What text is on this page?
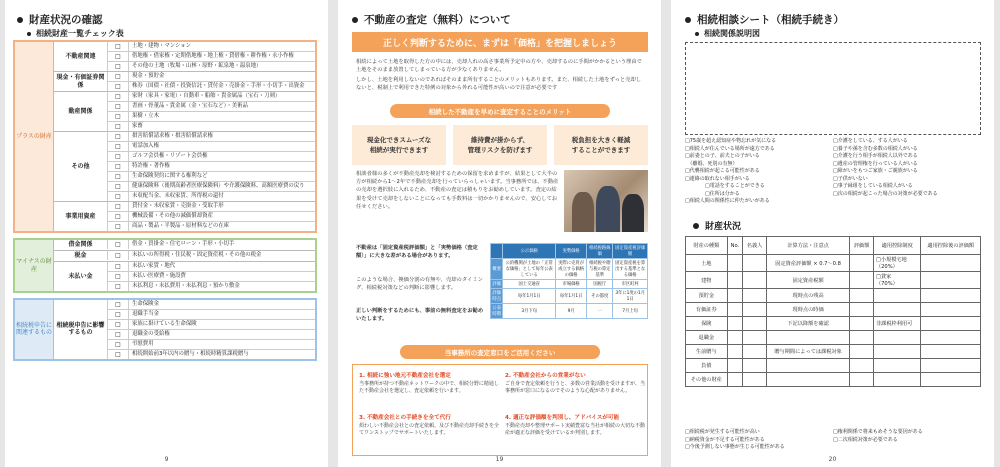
財産状況の確認
相続財産一覧チェック表
プラスの財産
不動産関連
□	土地・建物・マンション
□	借地権・借家権・定期借地権・地上権・貸借権・耕作権・永小作権
□	その他の土地（牧場・山林・原野・鉱泉地・温泉地）
現金・有価証券関係
□	現金・預貯金
□	株券（国債・社債・投資信託・貸付金・売掛金・手形・小切手・出資金
動産関係
□	家財（家具・家電）・自動車・船舶・貴金属品（宝石・刀剣）
□	書画・骨董品・貴金属（金・宝石など）・美術品
□	果樹・立木
□	家畜
その他
□	損害賠償請求権・損害賠償請求権
□	電話加入権
□	ゴルフ会員権・リゾート会員権
□	特許権・著作権
□	生命保険契約に関する権利など
□	健康保険料（後期高齢者医療保険料）や介護保険料、高額医療費の戻り
□	未収配当金、未収家賃、所得税の還付
事業用資産
□	貸付金・未収家賃・売掛金・受取手形
□	機械設備・その他の減価償却資産
□	商品・製品・半製品・原材料などの在庫
マイナスの財産
借金関係	□	借金・買掛金・住宅ローン・手形・小切手
税金	□	未払いの所得税・住民税・固定資産税・その他の税金
未払い金
□	未払い家賃・地代
□	未払い医療費・施設費
□	未払利息・未払費用・未払利息・預かり敷金
相続税申告に関連するもの
相続税申告に影響するもの
□	生命保険金
□	退職手当金
□	家族に掛けている生命保険
□	退職金の受給権
□	弔慰費用
□	相続開始前3年以内の贈与・相続時精算課税贈与
9
不動産の査定（無料）について
正しく判断するために、まずは「価格」を把握しましょう
相続によって土地を取得した方の中には、売却人れの高さ事業所予定中の方や、売却するのに手間がかかるという理由で土地をそのまま放置してしまっている方が少なくありません。
しかし、土地を利用しないのであればそのまま所有することのメリットもあります。また、相続した土地をずっと売却しないと、税制上で利用できた特例の対象から外れる可能性が高いので注意が必要です
相続した不動産を早めに査定することのメリット
現金化できスムーズな
相続が実行できます
維持費が掛からず、
管理リスクを防げます
税負担を大きく軽減
することができます
相談者様の多くが不動産売却を検討するための保留を求めますが、結果として大半の方が相続から1～2年で不動産売却を行っていらっしゃいます。当事務所では、不動産の売却を選択肢に入れるため、不動産の査定は積もりをお勧めしています。査定の結果を受けて売却をしないことになっても手数料は一切かかりませんので、安心してお任せください。
不動産は「固定資産税評価額」と「実勢価格（査定額）」に大きな差がある場合があります。
このような場合、換価分割の有無や、売却のタイミング、相続税対策などの判断に影響します。
正しい判断をするためにも、事前の無料査定をお勧めいたします。
	公示価格	実勢価格	相続税路線価	固定資産税評価額
概要	公的機関が土地の「正常な価格」として毎年公表している	実際に売買が成立する価格の価格	相続税や贈与税の算定基準	固定資産税を算出する基準となる価格
評価	国土交通省	市場価格	国税庁	市区町村
評価時点	毎年1月1日	毎年1月1日	その都度	3年に1度の1月1日
公表時期	3月下旬	9月	一	7月上旬
当事務所の査定窓口をご活用ください
1. 相続に強い地元不動産会社を選定
当事務所が持つ不動産ネットワークの中で、相続分野に精通した不動産会社を選定し、査定依頼を行います。
2. 不動産会社からの営業がない
ご自身で査定依頼を行うと、多数の営業活動を受けますが、当事務所が窓口になるのでそのような心配がありません。
3. 不動産会社との手続きを全て代行
煩わしい不動産会社との査定依頼。及び不動産売却手続きを全てワンストップでサポートいたします。
4. 適正な評価額を判別し、アドバイスが可能
不動産売却や整理サポート実績豊富な当社が相続の大切な不動産が適正な評価を受けているか判別します。
19
相続相談シート（相続手続き）
相続関係説明図
□75歳を超え認知症や物忘れが気になる
□相続人が住んでいる場所が遠方である
□前妻との子、前夫との子がいる
　（離婚、死別の有無）
□代襲相続が起こる可能性がある
□連絡の取れない相手がいる
　　　　□電話をすることができる
　　　　□住所は分かる
□相続人間の関係性に仲たがいがある
□介護をしている、する人がいる
□養子や孫を含む多数の相続人がいる
□介護を行う相手が相続人以外である
□遺産の管理権を行っている人がいる
□障がいをもつご家族・ご親族がいる
□子供がいない
□事子縁組をしている相続人がいる
□次の相続が起こった場合の対策が必要である
財産状況
財産の種類	No.	名義人	計算方法・注意点	評価額	適用控除制度	適用控除後の評価額
土地			固定資産評価額 × 0.7～0.8		□小規模宅地
（20%）	
建物			固定資産税額		□貸家
（70%）	
預貯金			現時点の残高			
有価証券			現時点の時価			
保険			下記以降額を確認		非課税枠利用可	
退職金						
生前贈与			贈与期間によっては課税対象			
負債						
その他の財産						
□相続税が発生する可能性が高い
□納税資金が不足する可能性がある
□今後予測しない事態が生じる可能性がある
□権利関係で将来もめそうな要因がある
□二次相続対策が必要である
20
